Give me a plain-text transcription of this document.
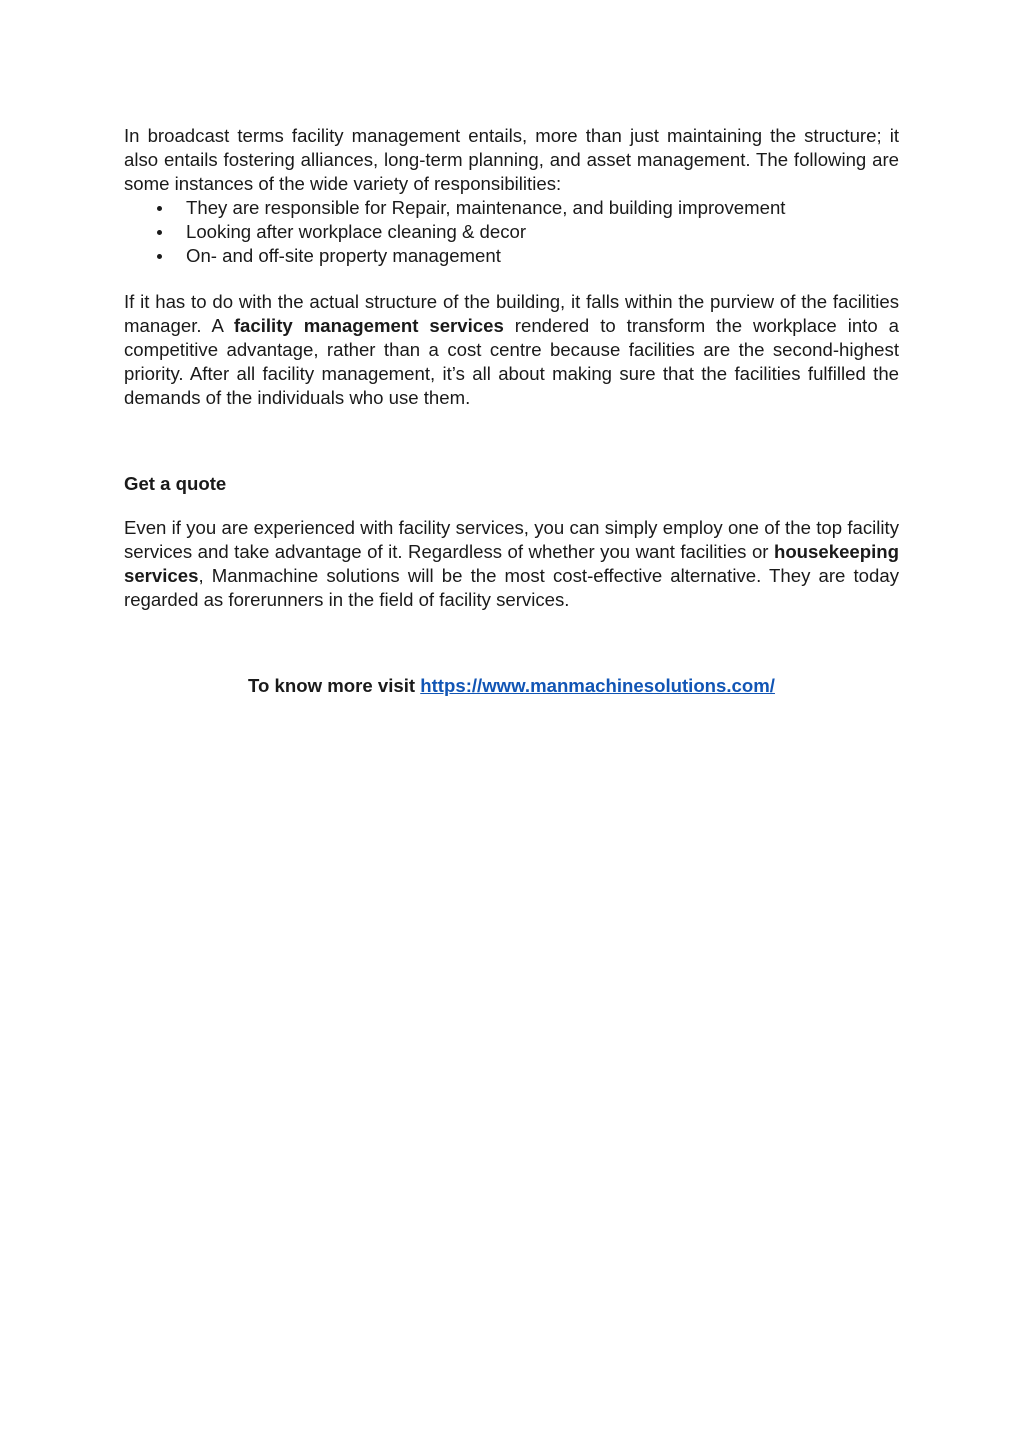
In broadcast terms facility management entails, more than just maintaining the structure; it also entails fostering alliances, long-term planning, and asset management. The following are some instances of the wide variety of responsibilities:

They are responsible for Repair, maintenance, and building improvement
Looking after workplace cleaning & decor
On- and off-site property management

If it has to do with the actual structure of the building, it falls within the purview of the facilities manager. A facility management services rendered to transform the workplace into a competitive advantage, rather than a cost centre because facilities are the second-highest priority. After all facility management, it’s all about making sure that the facilities fulfilled the demands of the individuals who use them.

Get a quote

Even if you are experienced with facility services, you can simply employ one of the top facility services and take advantage of it. Regardless of whether you want facilities or housekeeping services, Manmachine solutions will be the most cost-effective alternative. They are today regarded as forerunners in the field of facility services.

To know more visit https://www.manmachinesolutions.com/
